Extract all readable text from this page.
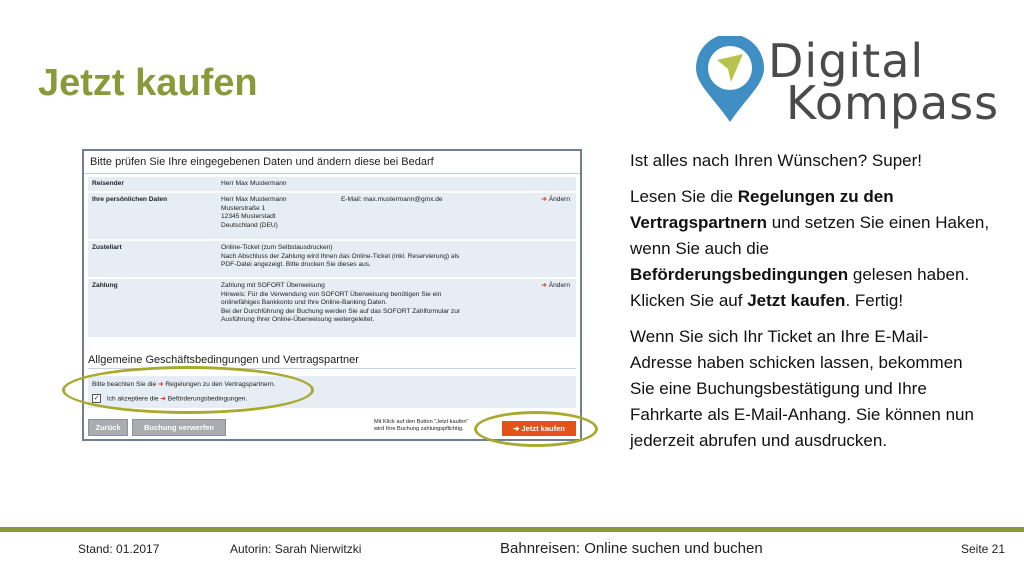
Jetzt kaufen	Digital
Kompass
Bitte prüfen Sie Ihre eingegebenen Daten und ändern diese bei Bedarf
Reisender	Herr Max Mustermann
Ihre persönlichen Daten	Herr Max Mustermann
Musterstraße 1
12345 Musterstadt
Deutschland (DEU)
E-Mail: max.mustermann@gmx.de	➔ Ändern
Zustellart	Online-Ticket (zum Selbstausdrucken)
Nach Abschluss der Zahlung wird Ihnen das Online-Ticket (inkl. Reservierung) als
PDF-Datei angezeigt. Bitte drucken Sie dieses aus.
Zahlung	Zahlung mit SOFORT Überweisung
Hinweis: Für die Verwendung von SOFORT Überweisung benötigen Sie ein
onlinefähiges Bankkonto und Ihre Online-Banking Daten.
Bei der Durchführung der Buchung werden Sie auf das SOFORT Zahlformular zur
Ausführung Ihrer Online-Überweisung weitergeleitet.
➔ Ändern
Allgemeine Geschäftsbedingungen und Vertragspartner
Bitte beachten Sie die ➔ Regelungen zu den Vertragspartnern.
✓ Ich akzeptiere die ➔ Beförderungsbedingungen.
Zurück	Buchung verwerfen
Mit Klick auf den Button "Jetzt kaufen"
wird Ihre Buchung zahlungspflichtig.	➔ Jetzt kaufen

Ist alles nach Ihren Wünschen? Super!

Lesen Sie die Regelungen zu den Vertragspartnern und setzen Sie einen Haken, wenn Sie auch die Beförderungsbedingungen gelesen haben.
Klicken Sie auf Jetzt kaufen. Fertig!

Wenn Sie sich Ihr Ticket an Ihre E-Mail-Adresse haben schicken lassen, bekommen Sie eine Buchungsbestätigung und Ihre Fahrkarte als E-Mail-Anhang. Sie können nun jederzeit abrufen und ausdrucken.

Stand: 01.2017	Autorin: Sarah Nierwitzki	Bahnreisen: Online suchen und buchen	Seite 21
